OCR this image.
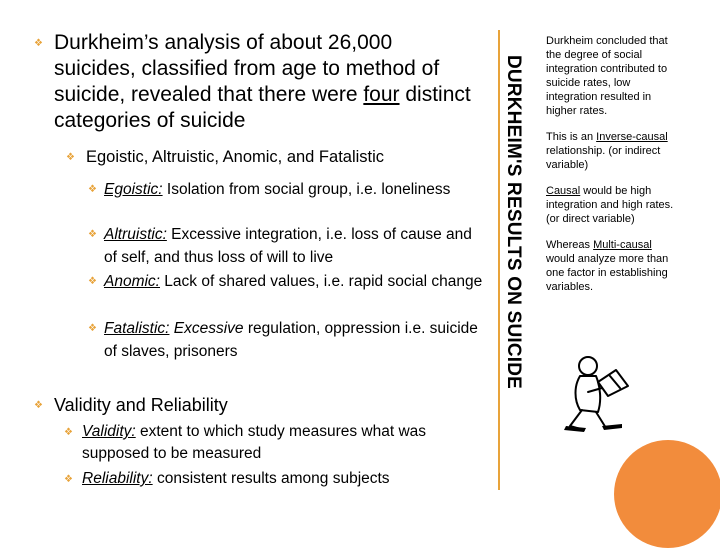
❖ Durkheim’s analysis of about 26,000 suicides, classified from age to method of suicide, revealed that there were four distinct categories of suicide
❖ Egoistic, Altruistic, Anomic, and Fatalistic
❖ Egoistic: Isolation from social group, i.e. loneliness
❖ Altruistic: Excessive integration, i.e. loss of cause and of self, and thus loss of will to live
❖ Anomic: Lack of shared values, i.e. rapid social change
❖ Fatalistic: Excessive regulation, oppression i.e. suicide of slaves, prisoners
❖ Validity and Reliability
❖ Validity: extent to which study measures what was supposed to be measured
❖ Reliability: consistent results among subjects
DURKHEIM'S RESULTS ON SUICIDE

Durkheim concluded that the degree of social integration contributed to suicide rates, low integration resulted in higher rates.

This is an Inverse-causal relationship. (or indirect variable)

Causal would be high integration and high rates. (or direct variable)

Whereas Multi-causal would analyze more than one factor in establishing variables.
